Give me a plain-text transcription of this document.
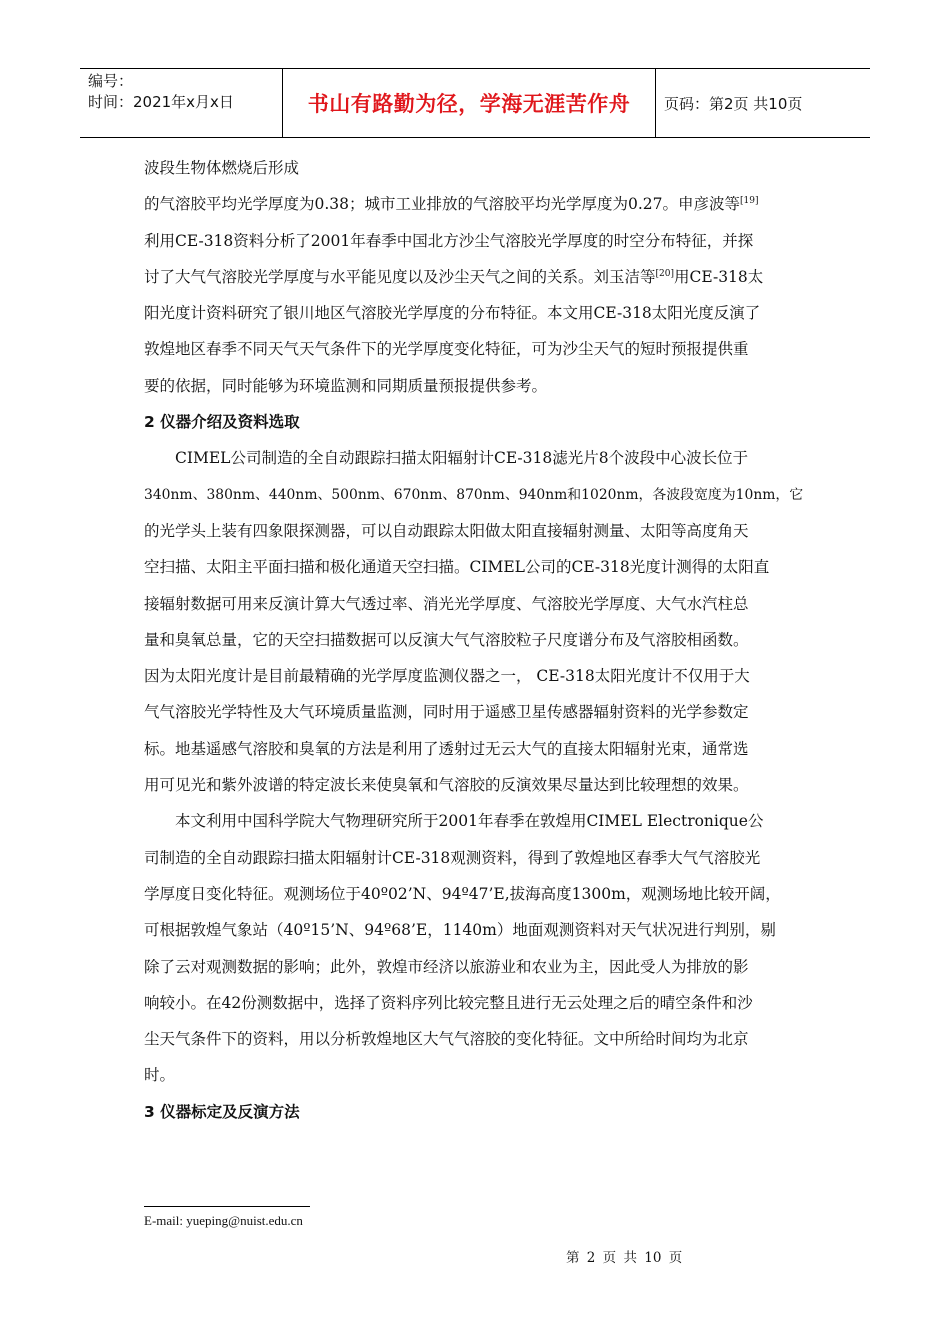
编号：
时间：2021年x月x日	书山有路勤为径，学海无涯苦作舟	页码：第2页 共10页
波段生物体燃烧后形成
的气溶胶平均光学厚度为0.38；城市工业排放的气溶胶平均光学厚度为0.27。申彦波等[19]
利用CE-318资料分析了2001年春季中国北方沙尘气溶胶光学厚度的时空分布特征，并探
讨了大气气溶胶光学厚度与水平能见度以及沙尘天气之间的关系。刘玉洁等[20]用CE-318太
阳光度计资料研究了银川地区气溶胶光学厚度的分布特征。本文用CE-318太阳光度反演了
敦煌地区春季不同天气天气条件下的光学厚度变化特征，可为沙尘天气的短时预报提供重
要的依据，同时能够为环境监测和同期质量预报提供参考。
2 仪器介绍及资料选取
CIMEL公司制造的全自动跟踪扫描太阳辐射计CE-318滤光片8个波段中心波长位于
340nm、380nm、440nm、500nm、670nm、870nm、940nm和1020nm，各波段宽度为10nm，它
的光学头上装有四象限探测器，可以自动跟踪太阳做太阳直接辐射测量、太阳等高度角天
空扫描、太阳主平面扫描和极化通道天空扫描。CIMEL公司的CE-318光度计测得的太阳直
接辐射数据可用来反演计算大气透过率、消光光学厚度、气溶胶光学厚度、大气水汽柱总
量和臭氧总量，它的天空扫描数据可以反演大气气溶胶粒子尺度谱分布及气溶胶相函数。
因为太阳光度计是目前最精确的光学厚度监测仪器之一， CE-318太阳光度计不仅用于大
气气溶胶光学特性及大气环境质量监测，同时用于遥感卫星传感器辐射资料的光学参数定
标。地基遥感气溶胶和臭氧的方法是利用了透射过无云大气的直接太阳辐射光束，通常选
用可见光和紫外波谱的特定波长来使臭氧和气溶胶的反演效果尽量达到比较理想的效果。
本文利用中国科学院大气物理研究所于2001年春季在敦煌用CIMEL Electronique公
司制造的全自动跟踪扫描太阳辐射计CE-318观测资料，得到了敦煌地区春季大气气溶胶光
学厚度日变化特征。观测场位于40º02’N、94º47’E,拔海高度1300m，观测场地比较开阔，
可根据敦煌气象站（40º15’N、94º68’E，1140m）地面观测资料对天气状况进行判别，剔
除了云对观测数据的影响；此外，敦煌市经济以旅游业和农业为主，因此受人为排放的影
响较小。在42份测数据中，选择了资料序列比较完整且进行无云处理之后的晴空条件和沙
尘天气条件下的资料，用以分析敦煌地区大气气溶胶的变化特征。文中所给时间均为北京
时。
3 仪器标定及反演方法
E-mail: yueping@nuist.edu.cn
第 2 页 共 10 页
